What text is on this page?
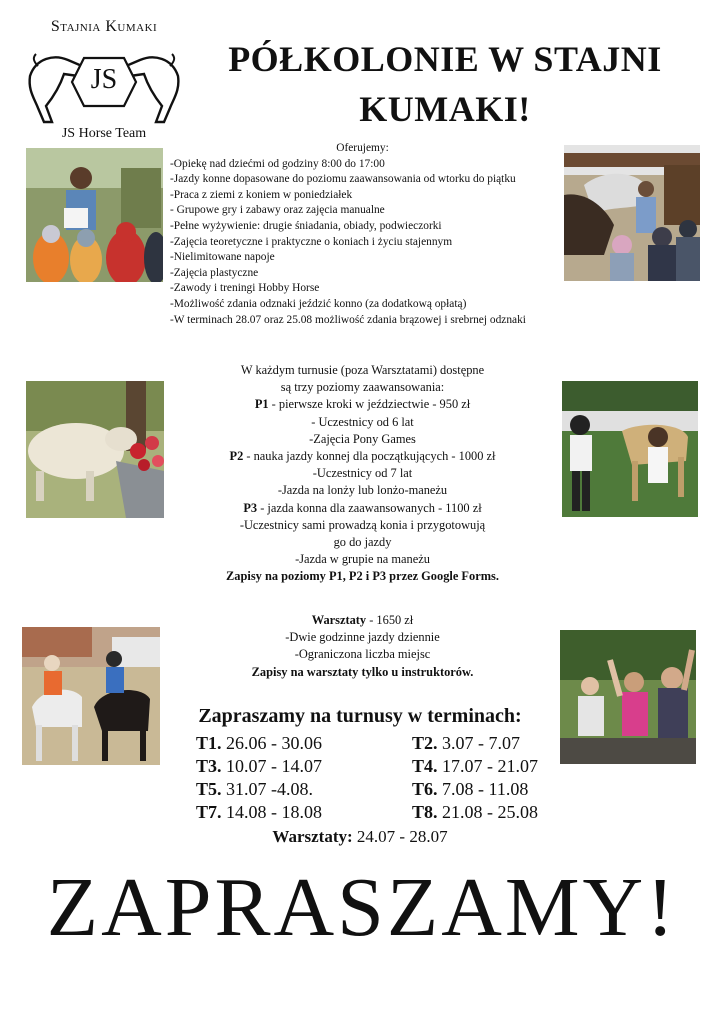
Stajnia Kumaki
JS
JS Horse Team
PÓŁKOLONIE W STAJNI
KUMAKI!
Oferujemy:
-Opiekę nad dziećmi od godziny 8:00 do 17:00
-Jazdy konne dopasowane do poziomu zaawansowania od wtorku do piątku
-Praca z ziemi z koniem w poniedziałek
- Grupowe gry i zabawy oraz zajęcia manualne
-Pełne wyżywienie: drugie śniadania, obiady, podwieczorki
-Zajęcia teoretyczne i praktyczne o koniach i życiu stajennym
-Nielimitowane napoje
-Zajęcia plastyczne
-Zawody i treningi Hobby Horse
-Możliwość zdania odznaki jeździć konno (za dodatkową opłatą)
-W terminach 28.07 oraz 25.08 możliwość zdania brązowej i srebrnej odznaki
W każdym turnusie (poza Warsztatami) dostępne
są trzy poziomy zaawansowania:
P1 - pierwsze kroki w jeździectwie - 950 zł
- Uczestnicy od 6 lat
-Zajęcia Pony Games
P2 - nauka jazdy konnej dla początkujących - 1000 zł
-Uczestnicy od 7 lat
-Jazda na lonży lub lonżo-maneżu
P3 - jazda konna dla zaawansowanych - 1100 zł
-Uczestnicy sami prowadzą konia i przygotowują
go do jazdy
-Jazda w grupie na maneżu
Zapisy na poziomy P1, P2 i P3 przez Google Forms.
Warsztaty - 1650 zł
-Dwie godzinne jazdy dziennie
-Ograniczona liczba miejsc
Zapisy na warsztaty tylko u instruktorów.
Zapraszamy na turnusy w terminach:
T1. 26.06 - 30.06	T2. 3.07 - 7.07
T3. 10.07 - 14.07	T4. 17.07 - 21.07
T5. 31.07 -4.08.	T6. 7.08 - 11.08
T7. 14.08 - 18.08	T8. 21.08 - 25.08
Warsztaty: 24.07 - 28.07
ZAPRASZAMY!
